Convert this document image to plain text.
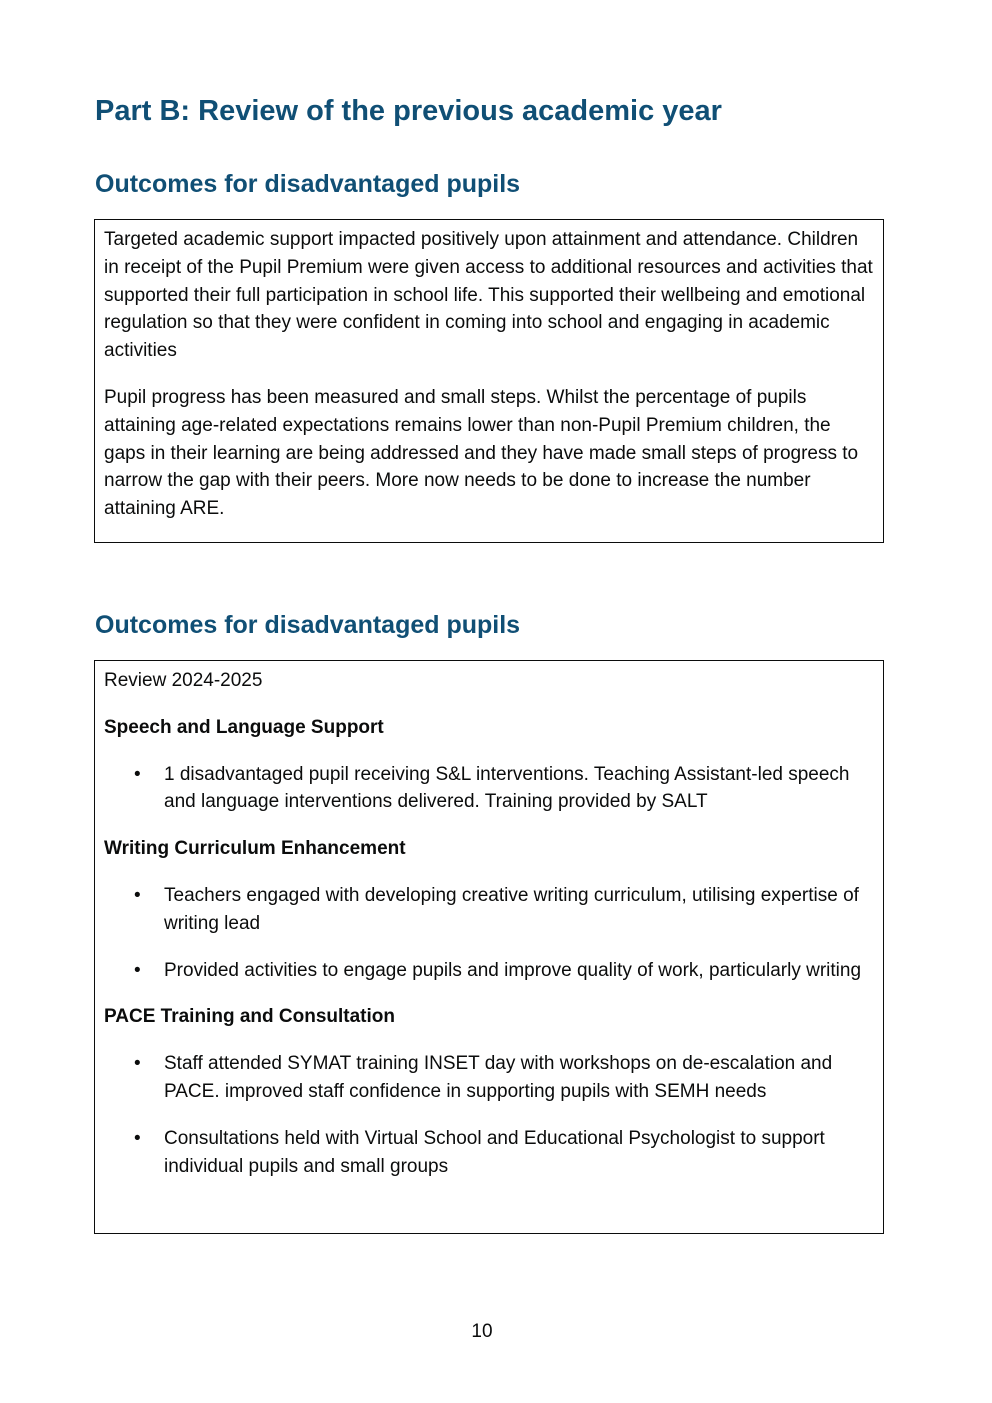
Part B: Review of the previous academic year
Outcomes for disadvantaged pupils

Targeted academic support impacted positively upon attainment and attendance. Children in receipt of the Pupil Premium were given access to additional resources and activities that supported their full participation in school life. This supported their wellbeing and emotional regulation so that they were confident in coming into school and engaging in academic activities

Pupil progress has been measured and small steps. Whilst the percentage of pupils attaining age-related expectations remains lower than non-Pupil Premium children, the gaps in their learning are being addressed and they have made small steps of progress to narrow the gap with their peers. More now needs to be done to increase the number attaining ARE.

Outcomes for disadvantaged pupils

Review 2024-2025

Speech and Language Support

• 1 disadvantaged pupil receiving S&L interventions. Teaching Assistant-led speech and language interventions delivered. Training provided by SALT

Writing Curriculum Enhancement

• Teachers engaged with developing creative writing curriculum, utilising expertise of writing lead
• Provided activities to engage pupils and improve quality of work, particularly writing

PACE Training and Consultation

• Staff attended SYMAT training INSET day with workshops on de-escalation and PACE. improved staff confidence in supporting pupils with SEMH needs
• Consultations held with Virtual School and Educational Psychologist to support individual pupils and small groups
10
